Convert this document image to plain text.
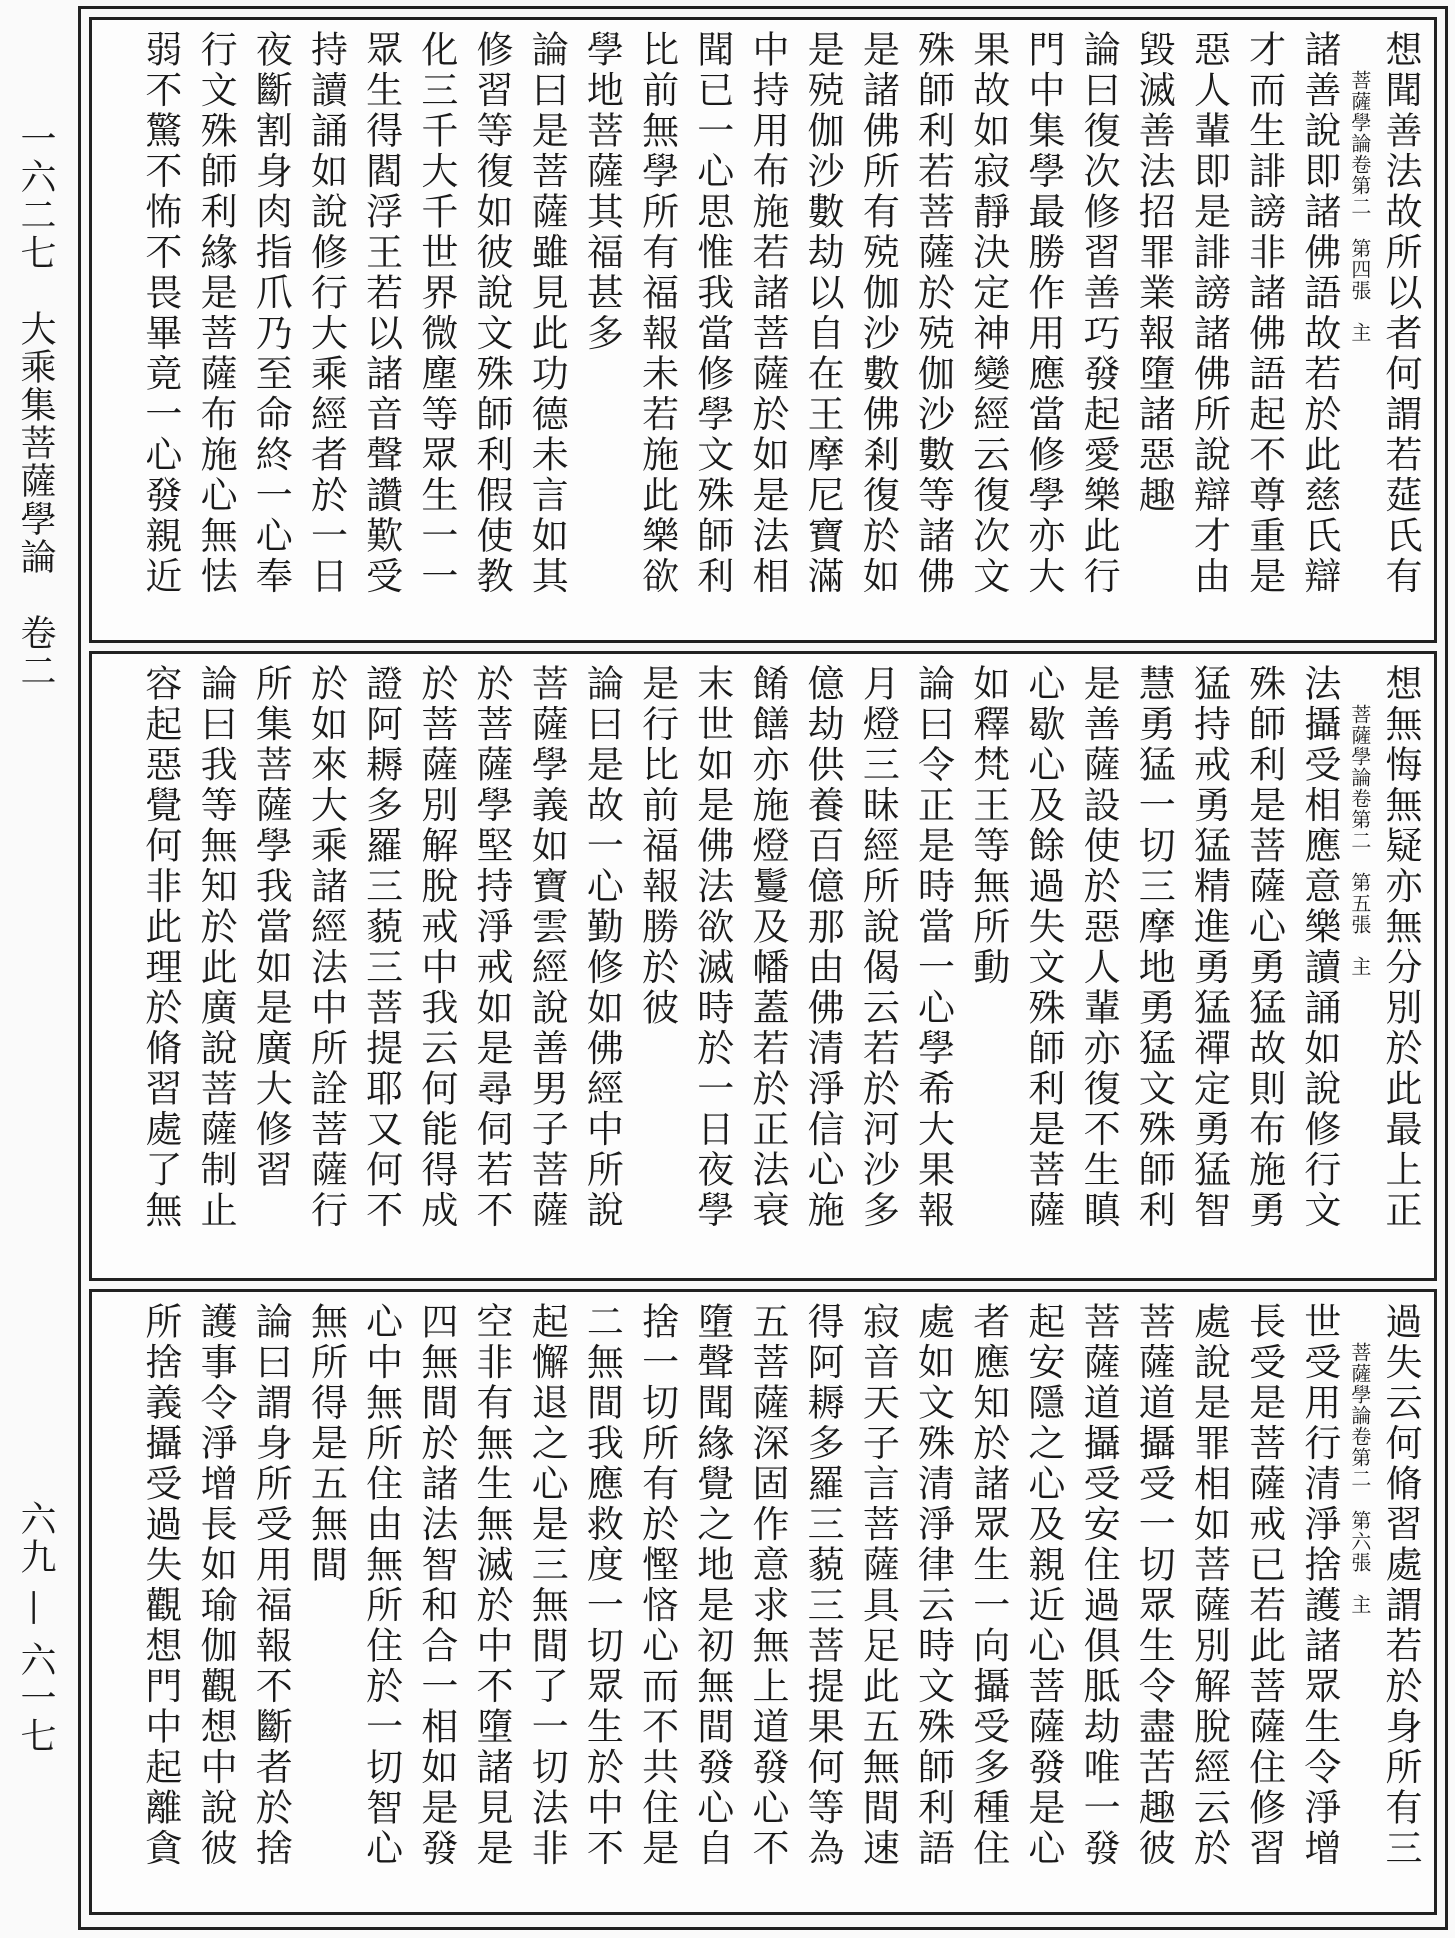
一六二七　大乘集菩薩學論　卷二
六九 — 六一七
想聞善法故所以者何謂若莚氏有
菩薩學論卷第二　第四張　主
諸善說即諸佛語故若於此慈氏辯
才而生誹謗非諸佛語起不尊重是
惡人輩即是誹謗諸佛所說辯才由
毀滅善法招罪業報墮諸惡趣
論曰復次修習善巧發起愛樂此行
門中集學最勝作用應當修學亦大
果故如寂靜決定神變經云復次文
殊師利若菩薩於殑伽沙數等諸佛
是諸佛所有殑伽沙數佛剎復於如
是殑伽沙數劫以自在王摩尼寶滿
中持用布施若諸菩薩於如是法相
聞已一心思惟我當修學文殊師利
比前無學所有福報未若施此樂欲
學地菩薩其福甚多
論曰是菩薩雖見此功德未言如其
修習等復如彼說文殊師利假使教
化三千大千世界微塵等眾生一一
眾生得閻浮王若以諸音聲讚歎受
持讀誦如說修行大乘經者於一日
夜斷割身肉指爪乃至命終一心奉
行文殊師利緣是菩薩布施心無怯
弱不驚不怖不畏畢竟一心發親近
想無悔無疑亦無分別於此最上正
菩薩學論卷第二　第五張　主
法攝受相應意樂讀誦如說修行文
殊師利是菩薩心勇猛故則布施勇
猛持戒勇猛精進勇猛禪定勇猛智
慧勇猛一切三摩地勇猛文殊師利
是善薩設使於惡人輩亦復不生瞋
心歇心及餘過失文殊師利是菩薩
如釋梵王等無所動
論曰令正是時當一心學希大果報
月燈三昧經所說偈云若於河沙多
億劫供養百億那由佛清淨信心施
餚饍亦施燈鬘及幡蓋若於正法衰
末世如是佛法欲滅時於一日夜學
是行比前福報勝於彼
論曰是故一心勤修如佛經中所說
菩薩學義如寶雲經說善男子菩薩
於菩薩學堅持淨戒如是尋伺若不
於菩薩別解脫戒中我云何能得成
證阿耨多羅三藐三菩提耶又何不
於如來大乘諸經法中所詮菩薩行
所集菩薩學我當如是廣大修習
論曰我等無知於此廣說菩薩制止
容起惡覺何非此理於脩習處了無
過失云何脩習處謂若於身所有三
菩薩學論卷第二　第六張　主
世受用行清淨捨護諸眾生令淨增
長受是菩薩戒已若此菩薩住修習
處說是罪相如菩薩別解脫經云於
菩薩道攝受一切眾生令盡苦趣彼
菩薩道攝受安住過俱胝劫唯一發
起安隱之心及親近心菩薩發是心
者應知於諸眾生一向攝受多種住
處如文殊清淨律云時文殊師利語
寂音天子言菩薩具足此五無間速
得阿耨多羅三藐三菩提果何等為
五菩薩深固作意求無上道發心不
墮聲聞緣覺之地是初無間發心自
捨一切所有於慳悋心而不共住是
二無間我應救度一切眾生於中不
起懈退之心是三無間了一切法非
空非有無生無滅於中不墮諸見是
四無間於諸法智和合一相如是發
心中無所住由無所住於一切智心
無所得是五無間
論曰謂身所受用福報不斷者於捨
護事令淨增長如瑜伽觀想中說彼
所捨義攝受過失觀想門中起離貪
